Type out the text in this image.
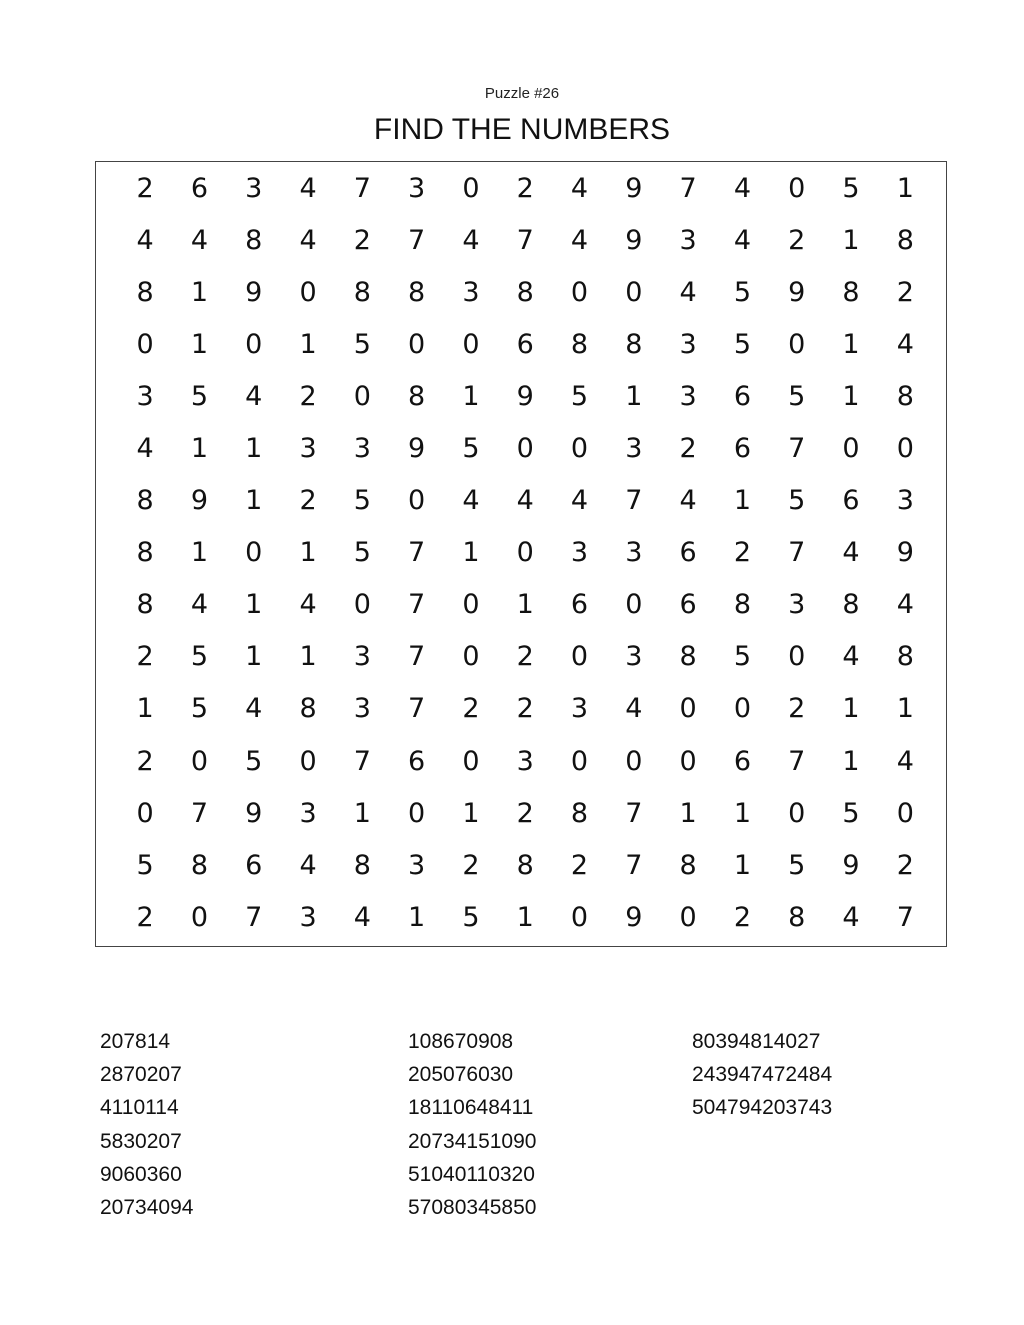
Puzzle #26
FIND THE NUMBERS
2	6	3	4	7	3	0	2	4	9	7	4	0	5	1
4	4	8	4	2	7	4	7	4	9	3	4	2	1	8
8	1	9	0	8	8	3	8	0	0	4	5	9	8	2
0	1	0	1	5	0	0	6	8	8	3	5	0	1	4
3	5	4	2	0	8	1	9	5	1	3	6	5	1	8
4	1	1	3	3	9	5	0	0	3	2	6	7	0	0
8	9	1	2	5	0	4	4	4	7	4	1	5	6	3
8	1	0	1	5	7	1	0	3	3	6	2	7	4	9
8	4	1	4	0	7	0	1	6	0	6	8	3	8	4
2	5	1	1	3	7	0	2	0	3	8	5	0	4	8
1	5	4	8	3	7	2	2	3	4	0	0	2	1	1
2	0	5	0	7	6	0	3	0	0	0	6	7	1	4
0	7	9	3	1	0	1	2	8	7	1	1	0	5	0
5	8	6	4	8	3	2	8	2	7	8	1	5	9	2
2	0	7	3	4	1	5	1	0	9	0	2	8	4	7
207814
2870207
4110114
5830207
9060360
20734094
108670908
205076030
18110648411
20734151090
51040110320
57080345850
80394814027
243947472484
504794203743
